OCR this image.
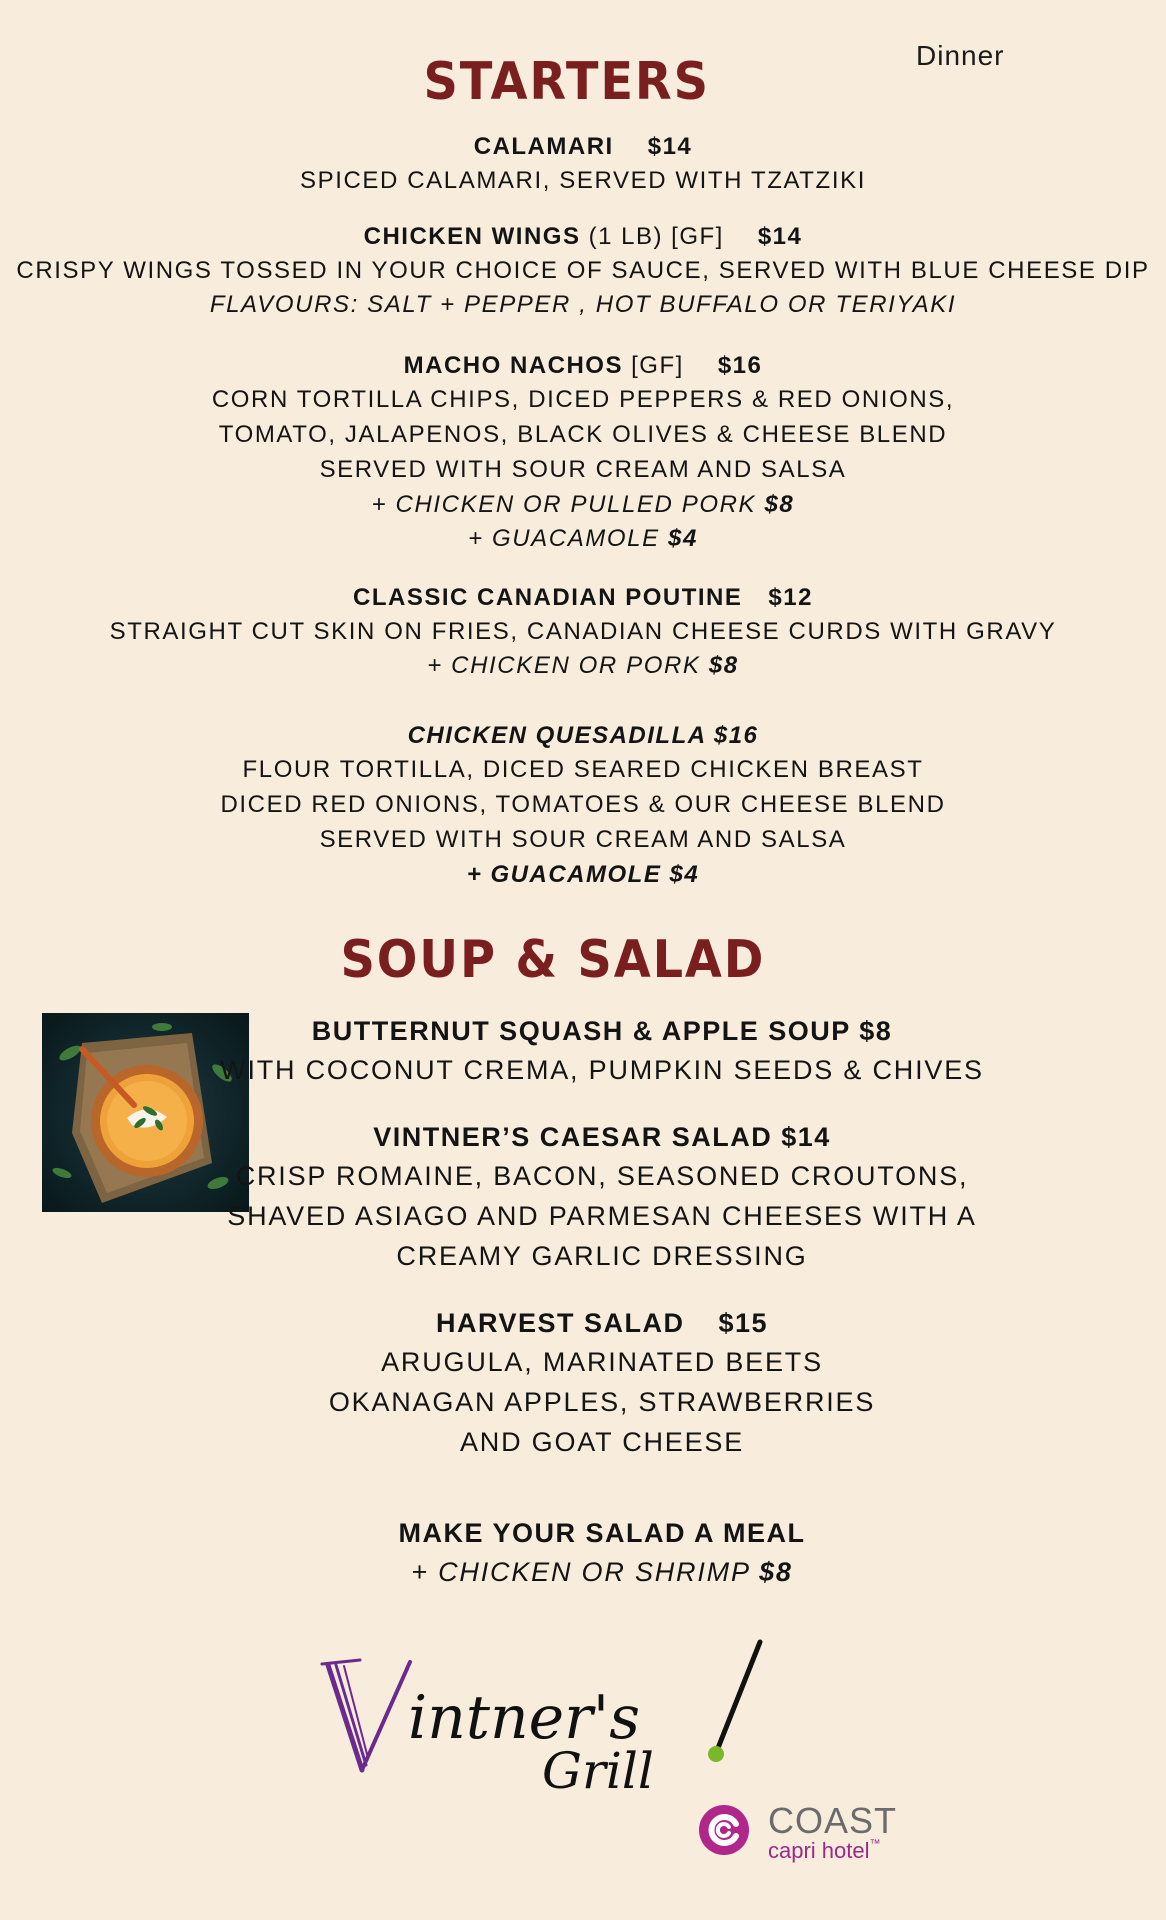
Dinner
STARTERS
CALAMARI $14
SPICED CALAMARI, SERVED WITH TZATZIKI
CHICKEN WINGS (1 LB) [GF] $14
CRISPY WINGS TOSSED IN YOUR CHOICE OF SAUCE, SERVED WITH BLUE CHEESE DIP
FLAVOURS: SALT + PEPPER , HOT BUFFALO OR TERIYAKI
MACHO NACHOS [GF] $16
CORN TORTILLA CHIPS, DICED PEPPERS & RED ONIONS,
TOMATO, JALAPENOS, BLACK OLIVES & CHEESE BLEND
SERVED WITH SOUR CREAM AND SALSA
+ CHICKEN OR PULLED PORK $8
+ GUACAMOLE $4
CLASSIC CANADIAN POUTINE $12
STRAIGHT CUT SKIN ON FRIES, CANADIAN CHEESE CURDS WITH GRAVY
+ CHICKEN OR PORK $8
CHICKEN QUESADILLA $16
FLOUR TORTILLA, DICED SEARED CHICKEN BREAST
DICED RED ONIONS, TOMATOES & OUR CHEESE BLEND
SERVED WITH SOUR CREAM AND SALSA
+ GUACAMOLE $4
SOUP & SALAD
BUTTERNUT SQUASH & APPLE SOUP $8
WITH COCONUT CREMA, PUMPKIN SEEDS & CHIVES
VINTNER’S CAESAR SALAD $14
CRISP ROMAINE, BACON, SEASONED CROUTONS,
SHAVED ASIAGO AND PARMESAN CHEESES WITH A
CREAMY GARLIC DRESSING
HARVEST SALAD $15
ARUGULA, MARINATED BEETS
OKANAGAN APPLES, STRAWBERRIES
AND GOAT CHEESE
MAKE YOUR SALAD A MEAL
+ CHICKEN OR SHRIMP $8
intner's
Grill
COAST
capri hotel™
